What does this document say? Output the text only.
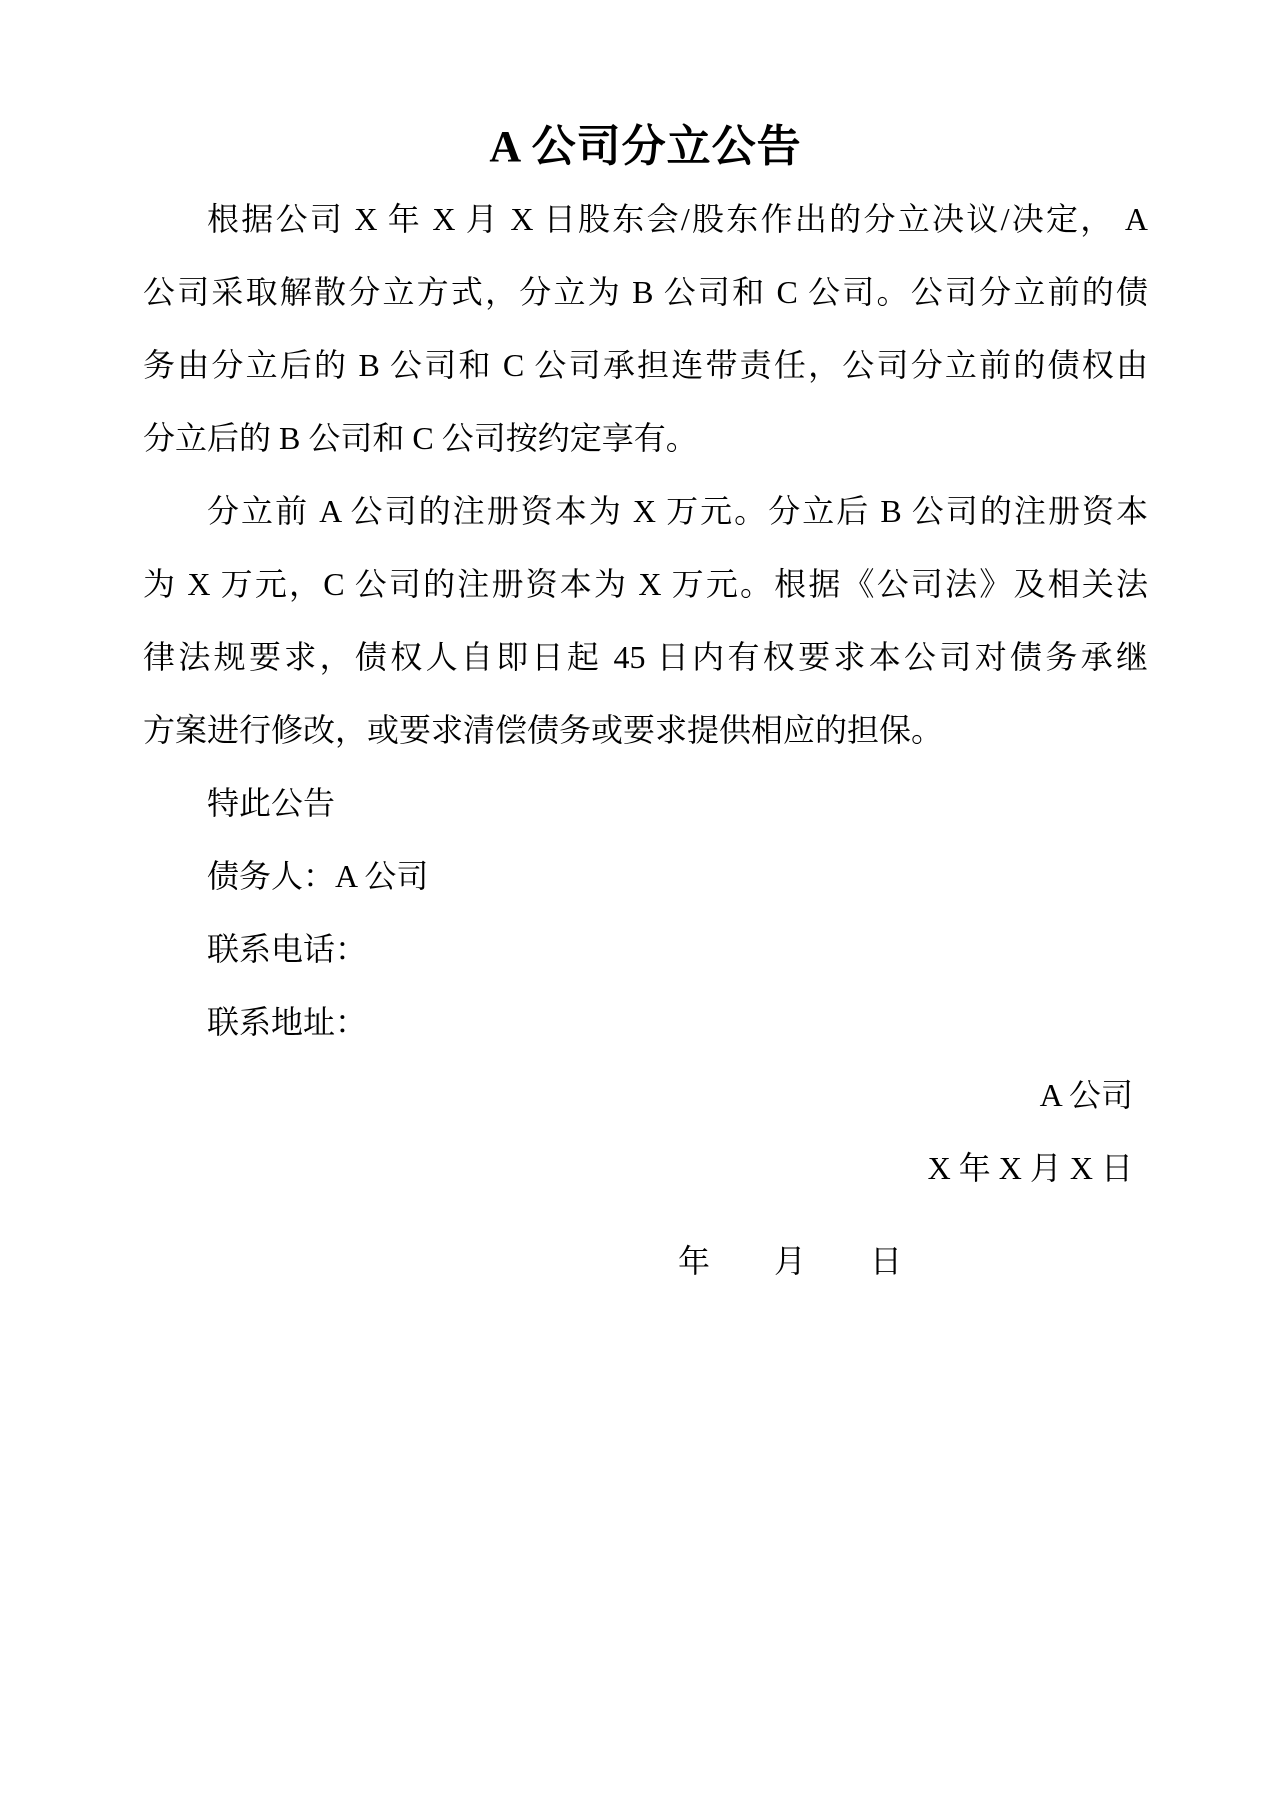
A 公司分立公告
根据公司 X 年 X 月 X 日股东会/股东作出的分立决议/决定， A
公司采取解散分立方式，分立为 B 公司和 C 公司。公司分立前的债
务由分立后的 B 公司和 C 公司承担连带责任，公司分立前的债权由
分立后的 B 公司和 C 公司按约定享有。
分立前 A 公司的注册资本为 X 万元。分立后 B 公司的注册资本
为 X 万元，C 公司的注册资本为 X 万元。根据《公司法》及相关法
律法规要求，债权人自即日起 45 日内有权要求本公司对债务承继
方案进行修改，或要求清偿债务或要求提供相应的担保。
特此公告
债务人：A 公司
联系电话：
联系地址：
A 公司
X 年 X 月 X 日
年　　月　　日
